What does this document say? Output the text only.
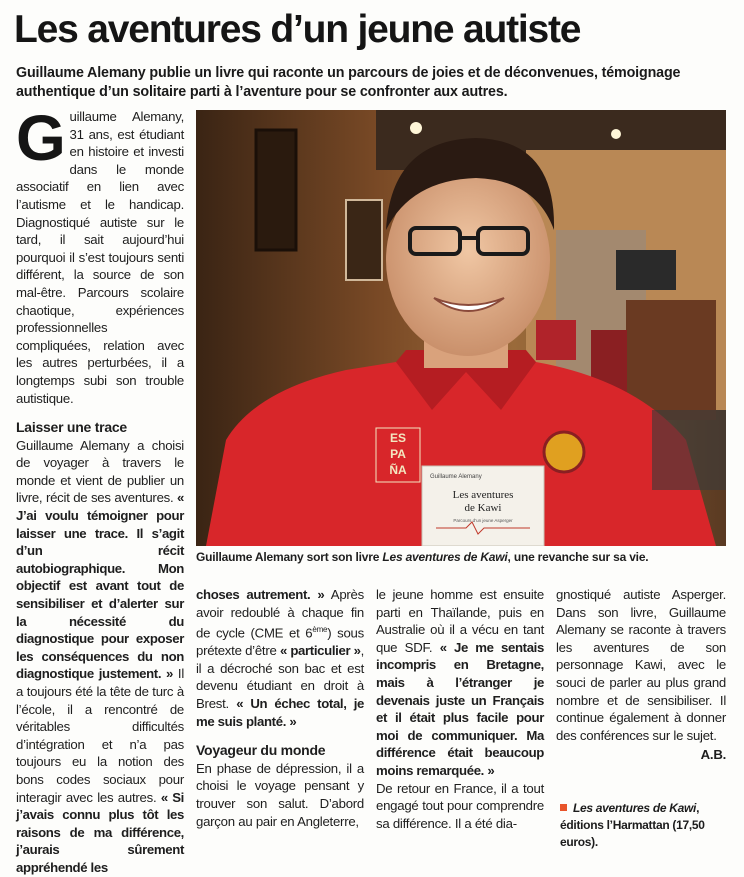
Les aventures d’un jeune autiste
Guillaume Alemany publie un livre qui raconte un parcours de joies et de déconvenues, témoignage authentique d’un solitaire parti à l’aventure pour se confronter aux autres.

Guillaume Alemany, 31 ans, est étudiant en histoire et investi dans le monde associatif en lien avec l’autisme et le handicap. Diagnostiqué autiste sur le tard, il sait aujourd’hui pourquoi il s’est toujours senti différent, la source de son mal-être. Parcours scolaire chaotique, expériences professionnelles compliquées, relation avec les autres perturbées, il a longtemps subi son trouble autistique.

Laisser une trace

Guillaume Alemany a choisi de voyager à travers le monde et vient de publier un livre, récit de ses aventures. « J’ai voulu témoigner pour laisser une trace. Il s’agit d’un récit autobiographique. Mon objectif est avant tout de sensibiliser et d’alerter sur la nécessité du diagnostique pour exposer les conséquences du non diagnostique justement. » Il a toujours été la tête de turc à l’école, il a rencontré de véritables difficultés d’intégration et n’a pas toujours eu la notion des bons codes sociaux pour interagir avec les autres. « Si j’avais connu plus tôt les raisons de ma différence, j’aurais sûrement appréhendé les

ES
PA
ÑA	Guillaume Alemany
Les aventures
de Kawi
Parcours d’un jeune Asperger
Guillaume Alemany sort son livre Les aventures de Kawi, une revanche sur sa vie.

choses autrement. » Après avoir redoublé à chaque fin de cycle (CME et 6ème) sous prétexte d’être « particulier », il a décroché son bac et est devenu étudiant en droit à Brest. « Un échec total, je me suis planté. »

Voyageur du monde

En phase de dépression, il a choisi le voyage pensant y trouver son salut. D’abord garçon au pair en Angleterre,

le jeune homme est ensuite parti en Thaïlande, puis en Australie où il a vécu en tant que SDF. « Je me sentais incompris en Bretagne, mais à l’étranger je devenais juste un Français et il était plus facile pour moi de communiquer. Ma différence était beaucoup moins remarquée. »

De retour en France, il a tout engagé tout pour comprendre sa différence. Il a été dia-

gnostiqué autiste Asperger. Dans son livre, Guillaume Alemany se raconte à travers les aventures de son personnage Kawi, avec le souci de parler au plus grand nombre et de sensibiliser. Il continue également à donner des conférences sur le sujet.

A.B.
Les aventures de Kawi, éditions l’Harmattan (17,50 euros).
